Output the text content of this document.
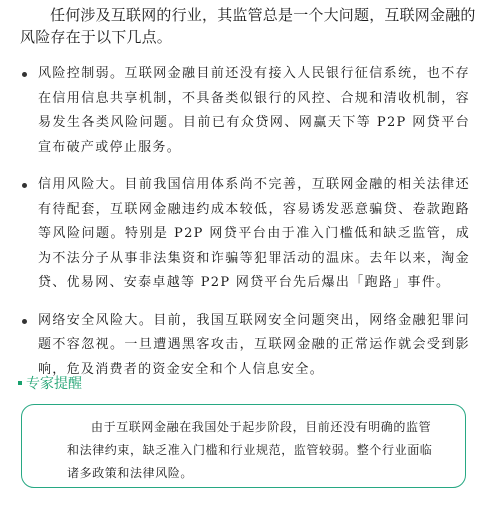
任何涉及互联网的行业，其监管总是一个大问题，互联网金融的风险存在于以下几点。

风险控制弱。互联网金融目前还没有接入人民银行征信系统，也不存在信用信息共享机制，不具备类似银行的风控、合规和清收机制，容易发生各类风险问题。目前已有众贷网、网赢天下等 P2P 网贷平台宣布破产或停止服务。
信用风险大。目前我国信用体系尚不完善，互联网金融的相关法律还有待配套，互联网金融违约成本较低，容易诱发恶意骗贷、卷款跑路等风险问题。特别是 P2P 网贷平台由于准入门槛低和缺乏监管，成为不法分子从事非法集资和诈骗等犯罪活动的温床。去年以来，淘金贷、优易网、安泰卓越等 P2P 网贷平台先后爆出「跑路」事件。
网络安全风险大。目前，我国互联网安全问题突出，网络金融犯罪问题不容忽视。一旦遭遇黑客攻击，互联网金融的正常运作就会受到影响，危及消费者的资金安全和个人信息安全。
专家提醒
由于互联网金融在我国处于起步阶段，目前还没有明确的监管和法律约束，缺乏准入门槛和行业规范，监管较弱。整个行业面临诸多政策和法律风险。
